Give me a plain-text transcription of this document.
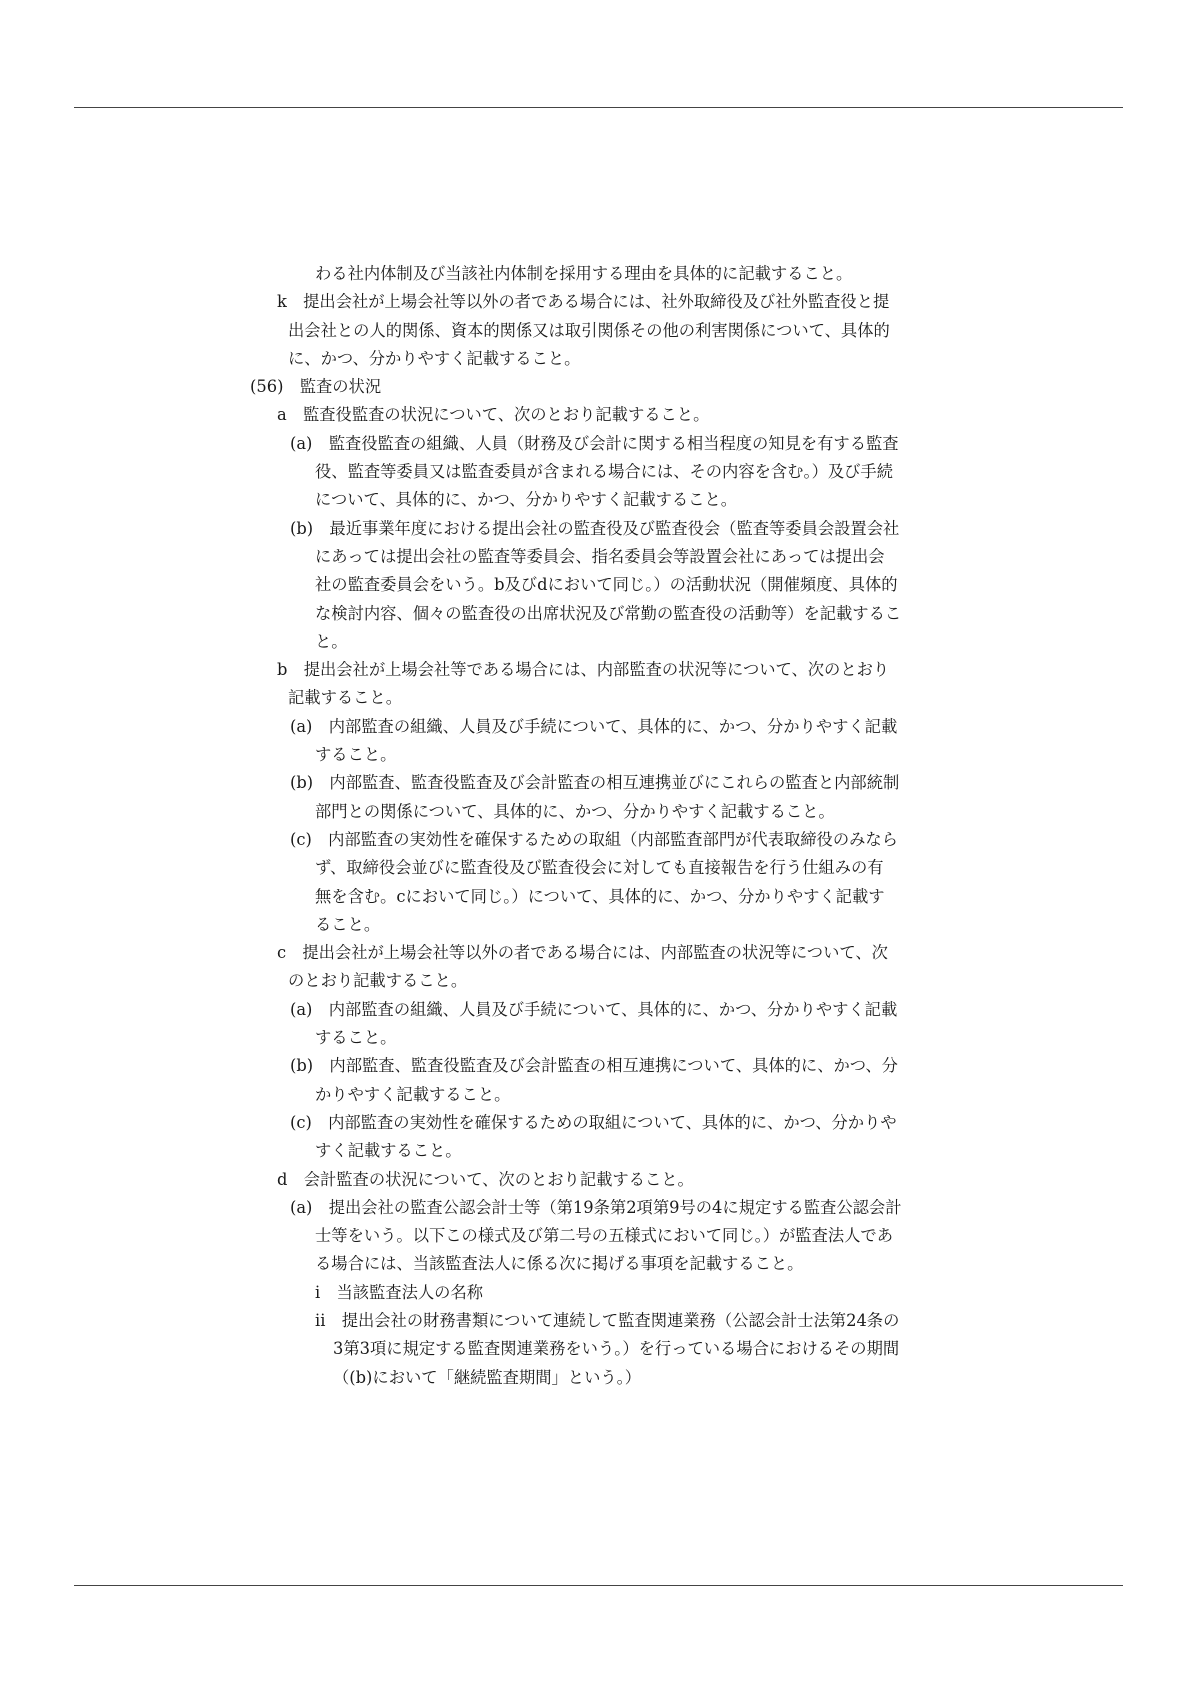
わる社内体制及び当該社内体制を採用する理由を具体的に記載すること。

k　提出会社が上場会社等以外の者である場合には、社外取締役及び社外監査役と提

出会社との人的関係、資本的関係又は取引関係その他の利害関係について、具体的

に、かつ、分かりやすく記載すること。

(56)　監査の状況

a　監査役監査の状況について、次のとおり記載すること。

(a)　監査役監査の組織、人員（財務及び会計に関する相当程度の知見を有する監査

役、監査等委員又は監査委員が含まれる場合には、その内容を含む。）及び手続

について、具体的に、かつ、分かりやすく記載すること。

(b)　最近事業年度における提出会社の監査役及び監査役会（監査等委員会設置会社

にあっては提出会社の監査等委員会、指名委員会等設置会社にあっては提出会

社の監査委員会をいう。b及びdにおいて同じ。）の活動状況（開催頻度、具体的

な検討内容、個々の監査役の出席状況及び常勤の監査役の活動等）を記載するこ

と。

b　提出会社が上場会社等である場合には、内部監査の状況等について、次のとおり

記載すること。

(a)　内部監査の組織、人員及び手続について、具体的に、かつ、分かりやすく記載

すること。

(b)　内部監査、監査役監査及び会計監査の相互連携並びにこれらの監査と内部統制

部門との関係について、具体的に、かつ、分かりやすく記載すること。

(c)　内部監査の実効性を確保するための取組（内部監査部門が代表取締役のみなら

ず、取締役会並びに監査役及び監査役会に対しても直接報告を行う仕組みの有

無を含む。cにおいて同じ。）について、具体的に、かつ、分かりやすく記載す

ること。

c　提出会社が上場会社等以外の者である場合には、内部監査の状況等について、次

のとおり記載すること。

(a)　内部監査の組織、人員及び手続について、具体的に、かつ、分かりやすく記載

すること。

(b)　内部監査、監査役監査及び会計監査の相互連携について、具体的に、かつ、分

かりやすく記載すること。

(c)　内部監査の実効性を確保するための取組について、具体的に、かつ、分かりや

すく記載すること。

d　会計監査の状況について、次のとおり記載すること。

(a)　提出会社の監査公認会計士等（第19条第2項第9号の4に規定する監査公認会計

士等をいう。以下この様式及び第二号の五様式において同じ。）が監査法人であ

る場合には、当該監査法人に係る次に掲げる事項を記載すること。

i　当該監査法人の名称

ii　提出会社の財務書類について連続して監査関連業務（公認会計士法第24条の

3第3項に規定する監査関連業務をいう。）を行っている場合におけるその期間

（(b)において「継続監査期間」という。）
